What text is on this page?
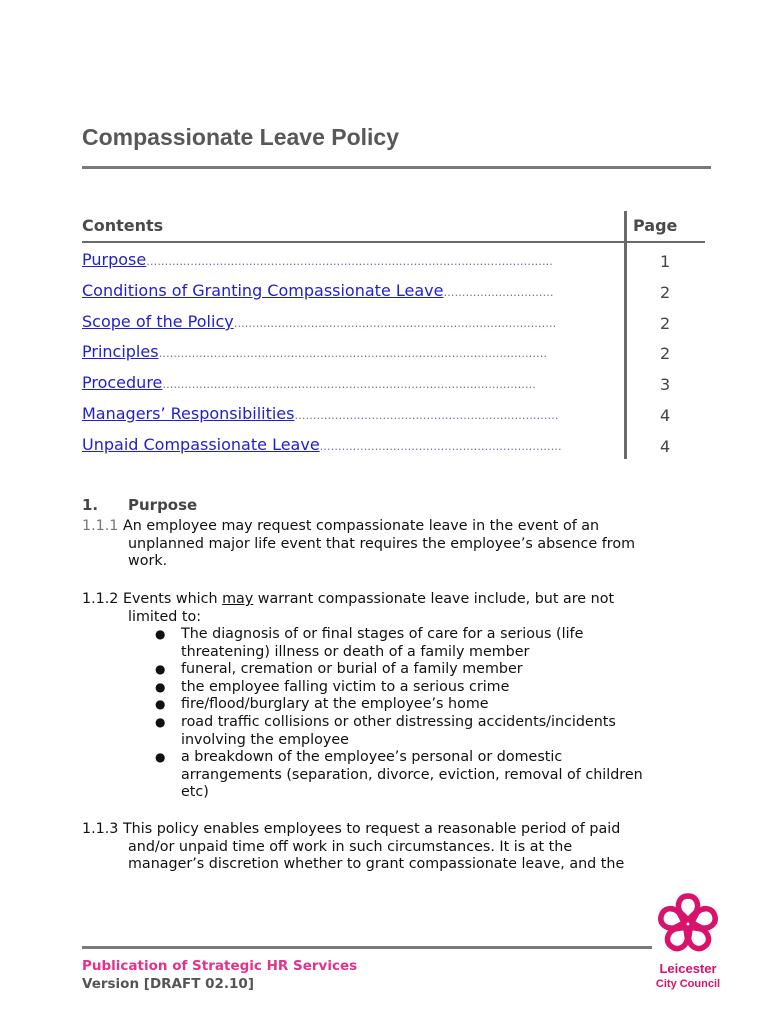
Compassionate Leave Policy
Contents	Page
Purpose………………………….…………….……………………………………………………….	1
Conditions of Granting Compassionate Leave…………………………	2
Scope of the Policy…………………….………………………………………………………	2
Principles………………………………………….…………………………………………………	2
Procedure……………………..……………….…………………………………………………	3
Managers’ Responsibilities………………………………………………………………	4
Unpaid Compassionate Leave…………………………………………………………	4
1. Purpose
1.1.1 An employee may request compassionate leave in the event of an
unplanned major life event that requires the employee’s absence from
work.
1.1.2 Events which may warrant compassionate leave include, but are not
limited to:
● The diagnosis of or final stages of care for a serious (life
threatening) illness or death of a family member
● funeral, cremation or burial of a family member
● the employee falling victim to a serious crime
● fire/flood/burglary at the employee’s home
● road traffic collisions or other distressing accidents/incidents
involving the employee
● a breakdown of the employee’s personal or domestic
arrangements (separation, divorce, eviction, removal of children
etc)
1.1.3 This policy enables employees to request a reasonable period of paid
and/or unpaid time off work in such circumstances. It is at the
manager’s discretion whether to grant compassionate leave, and the
Publication of Strategic HR Services
Version [DRAFT 02.10]
Leicester
City Council
